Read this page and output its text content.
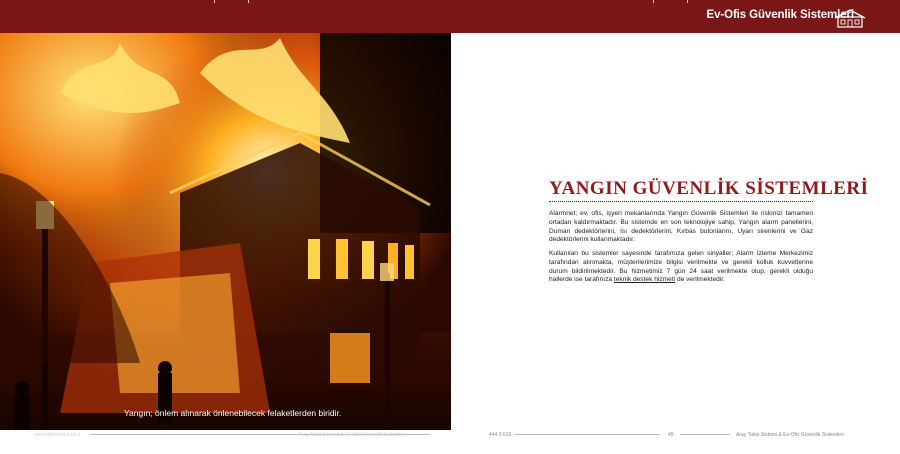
Ev-Ofis Güvenlik Sistemleri
Yangın; önlem alınarak önlenebilecek felaketlerden biridir.
www.alarmnet.com.tr	Araç Takip Sistemi & Ev-Ofis Güvenlik Sistemleri	444 0 616	45	Araç Takip Sistemi & Ev-Ofis Güvenlik Sistemleri
YANGIN GÜVENLİK SİSTEMLERİ

Alarmnet; ev, ofis, işyeri mekanlarında Yangın Güvenlik Sistemleri ile riskinizi tamamen ortadan kaldırmaktadır. Bu sistemde en son teknolojiye sahip, Yangın alarm panellerini, Duman dedektörlerini, Isı dedektörlerini, Kırbas butonlarını, Uyarı sirenlerini ve Gaz dedektörlerini kullanmaktadır.

Kullanılan bu sistemler sayesinde tarafımıza gelen sinyaller; Alarm İzleme Merkezimiz tarafından alınmakta, müşterilerimize bilgisi verilmekte ve gerekli kolluk kuvvetlerine durum bildirilmektedir. Bu hizmetimiz 7 gün 24 saat verilmekte olup, gerekli olduğu hallerde ise tarafınıza teknik destek hizmeti de verilmektedir.
